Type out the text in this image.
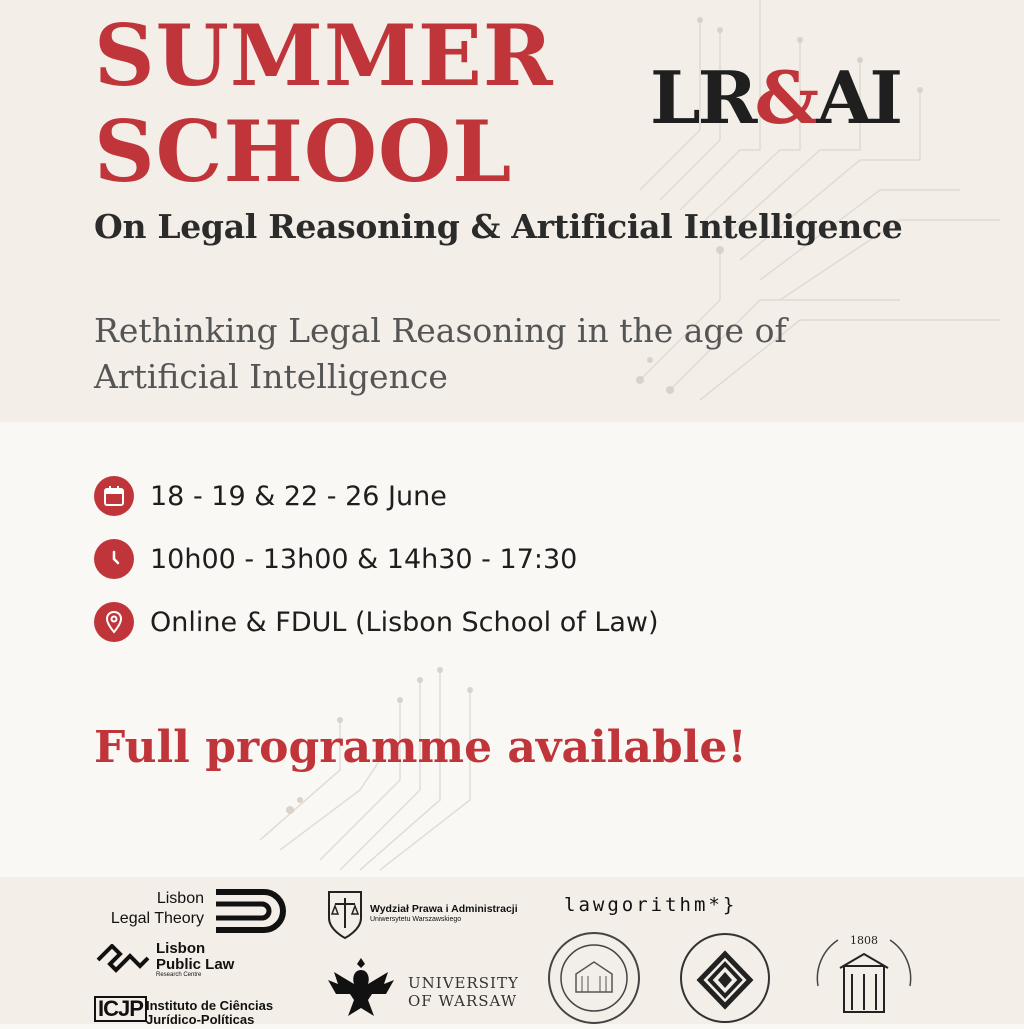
SUMMER
SCHOOL
LR&AI
On Legal Reasoning & Artificial Intelligence

Rethinking Legal Reasoning in the age of Artificial Intelligence

18 - 19 & 22 - 26 June
10h00 - 13h00 & 14h30 - 17:30
Online & FDUL (Lisbon School of Law)
Full programme available!
Lisbon
Legal Theory
Lisbon
Public Law
Research Centre
ICJP Instituto de Ciências
Jurídico-Políticas
Wydział Prawa i Administracji
Uniwersytetu Warszawskiego
UNIVERSITY
OF WARSAW
lawgorithm*}
1808
